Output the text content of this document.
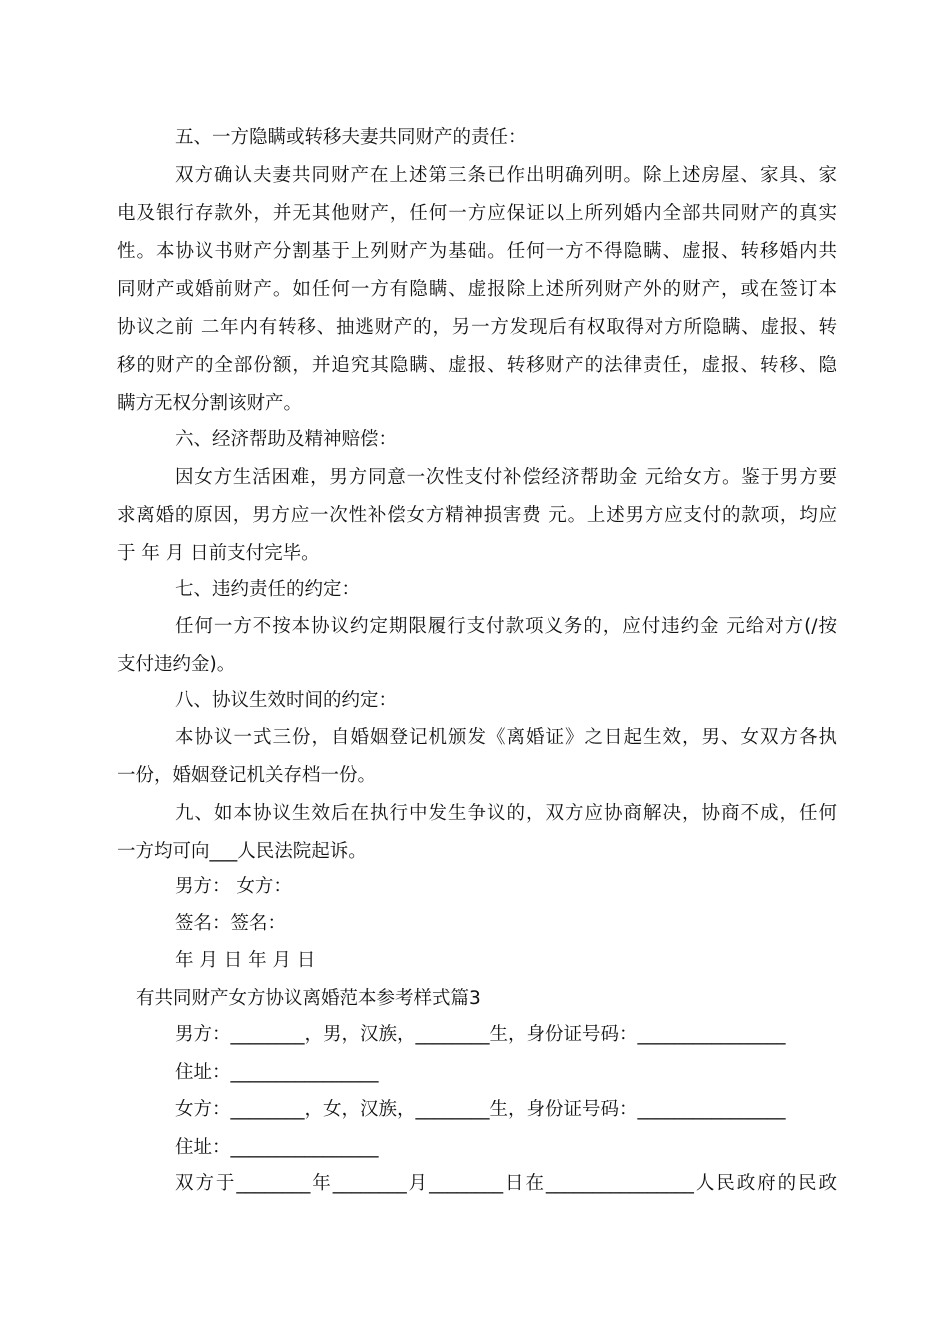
五、一方隐瞒或转移夫妻共同财产的责任：
双方确认夫妻共同财产在上述第三条已作出明确列明。除上述房屋、家具、家
电及银行存款外，并无其他财产，任何一方应保证以上所列婚内全部共同财产的真实
性。本协议书财产分割基于上列财产为基础。任何一方不得隐瞒、虚报、转移婚内共
同财产或婚前财产。如任何一方有隐瞒、虚报除上述所列财产外的财产，或在签订本
协议之前 二年内有转移、抽逃财产的，另一方发现后有权取得对方所隐瞒、虚报、转
移的财产的全部份额，并追究其隐瞒、虚报、转移财产的法律责任，虚报、转移、隐
瞒方无权分割该财产。
六、经济帮助及精神赔偿：
因女方生活困难，男方同意一次性支付补偿经济帮助金 元给女方。鉴于男方要
求离婚的原因，男方应一次性补偿女方精神损害费 元。上述男方应支付的款项，均应
于 年 月 日前支付完毕。
七、违约责任的约定：
任何一方不按本协议约定期限履行支付款项义务的，应付违约金 元给对方(/按
支付违约金)。
八、协议生效时间的约定：
本协议一式三份，自婚姻登记机颁发《离婚证》之日起生效，男、女双方各执
一份，婚姻登记机关存档一份。
九、如本协议生效后在执行中发生争议的，双方应协商解决，协商不成，任何
一方均可向___人民法院起诉。
男方： 女方：
签名：签名：
年 月 日 年 月 日
有共同财产女方协议离婚范本参考样式篇3
男方：________，男，汉族，________生，身份证号码：________________
住址：________________
女方：________，女，汉族，________生，身份证号码：________________
住址：________________
双方于________年________月________日在________________人民政府的民政
